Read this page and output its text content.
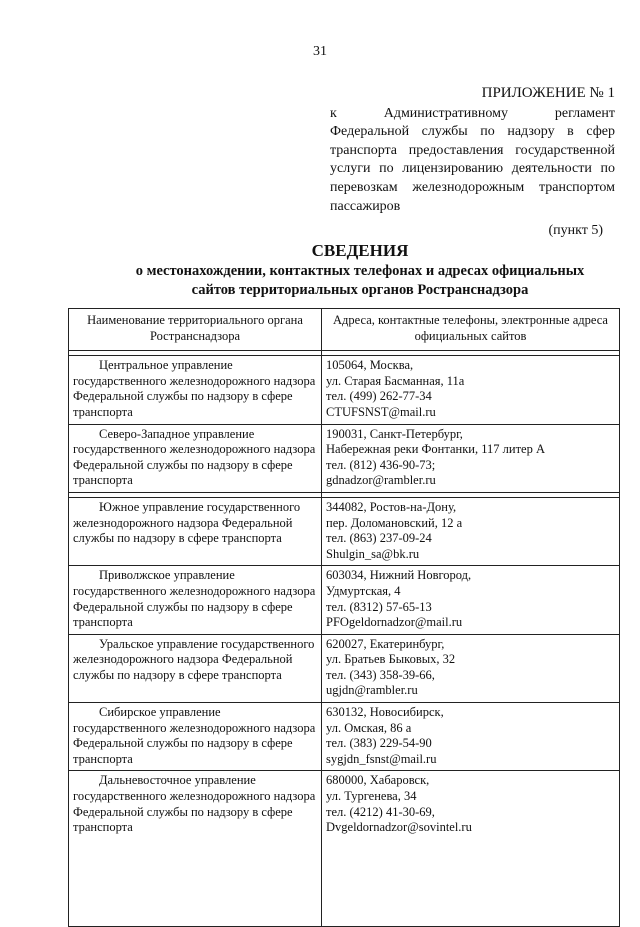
31
ПРИЛОЖЕНИЕ № 1
к Административному регламент
Федеральной службы по надзору в сфер
транспорта предоставления государственной
услуги по лицензированию деятельности по
перевозкам железнодорожным транспортом
пассажиров
(пункт 5)
СВЕДЕНИЯ
о местонахождении, контактных телефонах и адресах официальных
сайтов территориальных органов Ространснадзора
Наименование территориального органа Ространснадзора	Адреса, контактные телефоны, электронные адреса официальных сайтов

Центральное управление государственного железнодорожного надзора Федеральной службы по надзору в сфере транспорта	105064, Москва,
ул. Старая Басманная, 11а
тел. (499) 262-77-34
CTUFSNST@mail.ru

Северо-Западное управление государственного железнодорожного надзора Федеральной службы по надзору в сфере транспорта	190031, Санкт-Петербург,
Набережная реки Фонтанки, 117 литер А
тел. (812) 436-90-73;
gdnadzor@rambler.ru

Южное управление государственного железнодорожного надзора Федеральной службы по надзору в сфере транспорта	344082, Ростов-на-Дону,
пер. Доломановский, 12 а
тел. (863) 237-09-24
Shulgin_sa@bk.ru

Приволжское управление государственного железнодорожного надзора Федеральной службы по надзору в сфере транспорта	603034, Нижний Новгород,
Удмуртская, 4
тел. (8312) 57-65-13
PFOgeldornadzor@mail.ru

Уральское управление государственного железнодорожного надзора Федеральной службы по надзору в сфере транспорта	620027, Екатеринбург,
ул. Братьев Быковых, 32
тел. (343) 358-39-66,
ugjdn@rambler.ru

Сибирское управление государственного железнодорожного надзора Федеральной службы по надзору в сфере транспорта	630132, Новосибирск,
ул. Омская, 86 а
тел. (383) 229-54-90
sygjdn_fsnst@mail.ru

Дальневосточное управление государственного железнодорожного надзора Федеральной службы по надзору в сфере транспорта	680000, Хабаровск,
ул. Тургенева, 34
тел. (4212) 41-30-69,
Dvgeldornadzor@sovintel.ru
